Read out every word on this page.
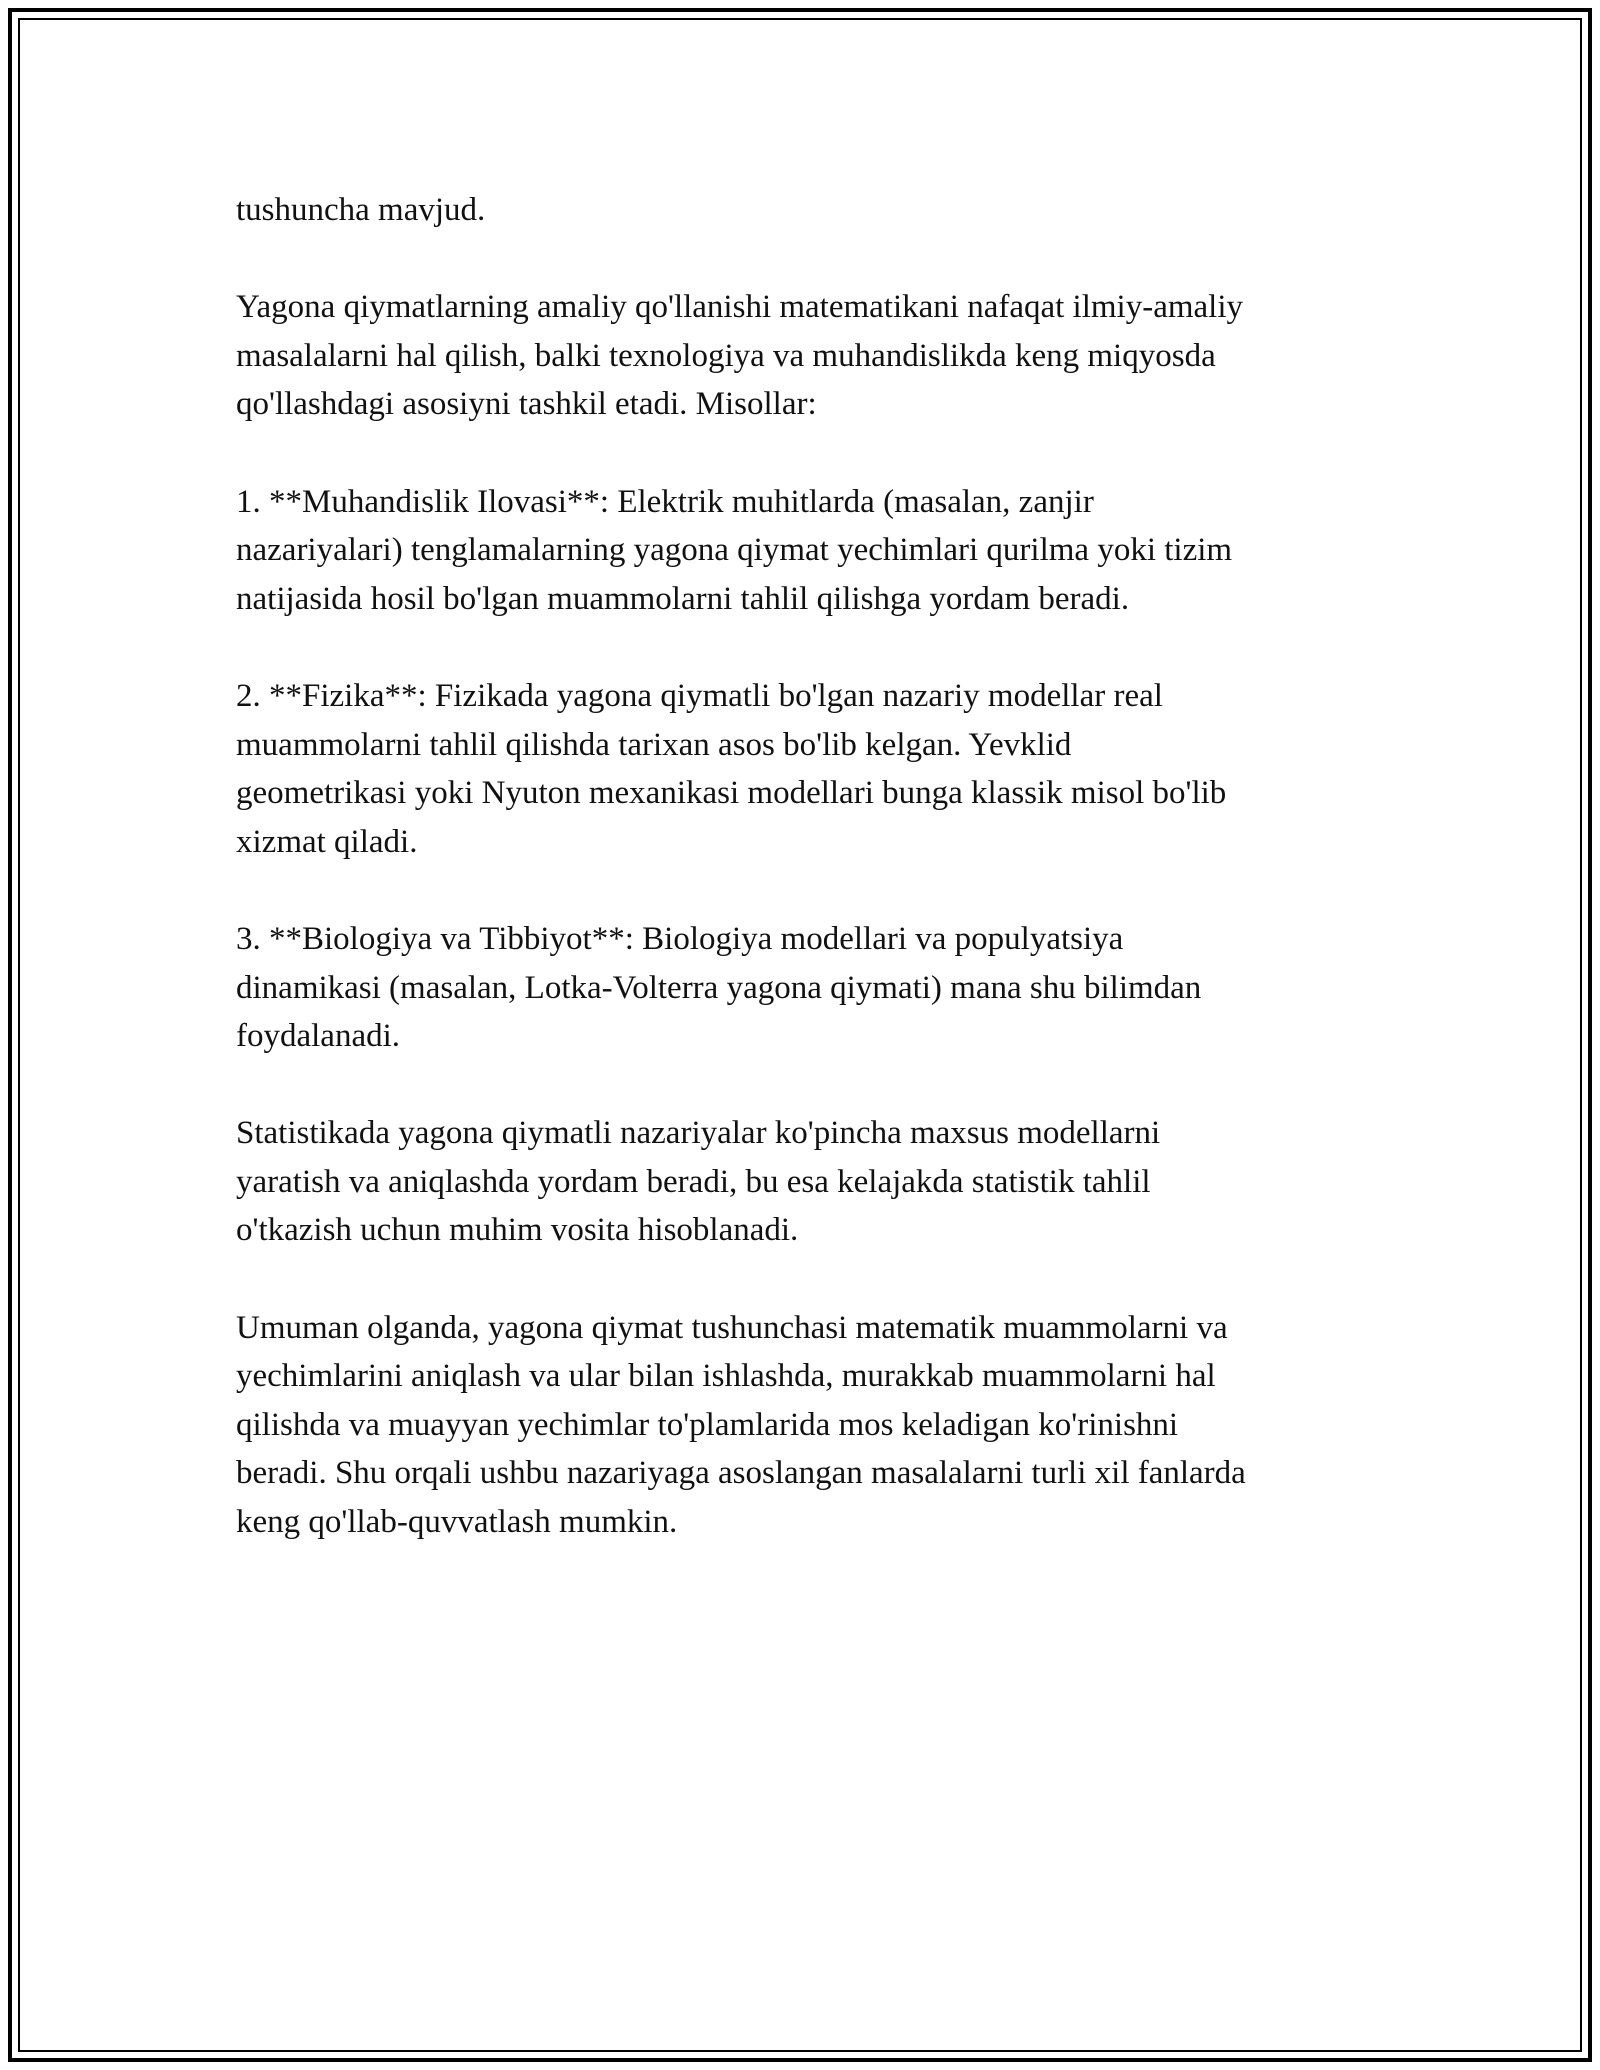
tushuncha mavjud.

Yagona qiymatlarning amaliy qo'llanishi matematikani nafaqat ilmiy-amaliy
masalalarni hal qilish, balki texnologiya va muhandislikda keng miqyosda
qo'llashdagi asosiyni tashkil etadi. Misollar:

1. **Muhandislik Ilovasi**: Elektrik muhitlarda (masalan, zanjir
nazariyalari) tenglamalarning yagona qiymat yechimlari qurilma yoki tizim
natijasida hosil bo'lgan muammolarni tahlil qilishga yordam beradi.

2. **Fizika**: Fizikada yagona qiymatli bo'lgan nazariy modellar real
muammolarni tahlil qilishda tarixan asos bo'lib kelgan. Yevklid
geometrikasi yoki Nyuton mexanikasi modellari bunga klassik misol bo'lib
xizmat qiladi.

3. **Biologiya va Tibbiyot**: Biologiya modellari va populyatsiya
dinamikasi (masalan, Lotka-Volterra yagona qiymati) mana shu bilimdan
foydalanadi.

Statistikada yagona qiymatli nazariyalar ko'pincha maxsus modellarni
yaratish va aniqlashda yordam beradi, bu esa kelajakda statistik tahlil
o'tkazish uchun muhim vosita hisoblanadi.

Umuman olganda, yagona qiymat tushunchasi matematik muammolarni va
yechimlarini aniqlash va ular bilan ishlashda, murakkab muammolarni hal
qilishda va muayyan yechimlar to'plamlarida mos keladigan ko'rinishni
beradi. Shu orqali ushbu nazariyaga asoslangan masalalarni turli xil fanlarda
keng qo'llab-quvvatlash mumkin.
